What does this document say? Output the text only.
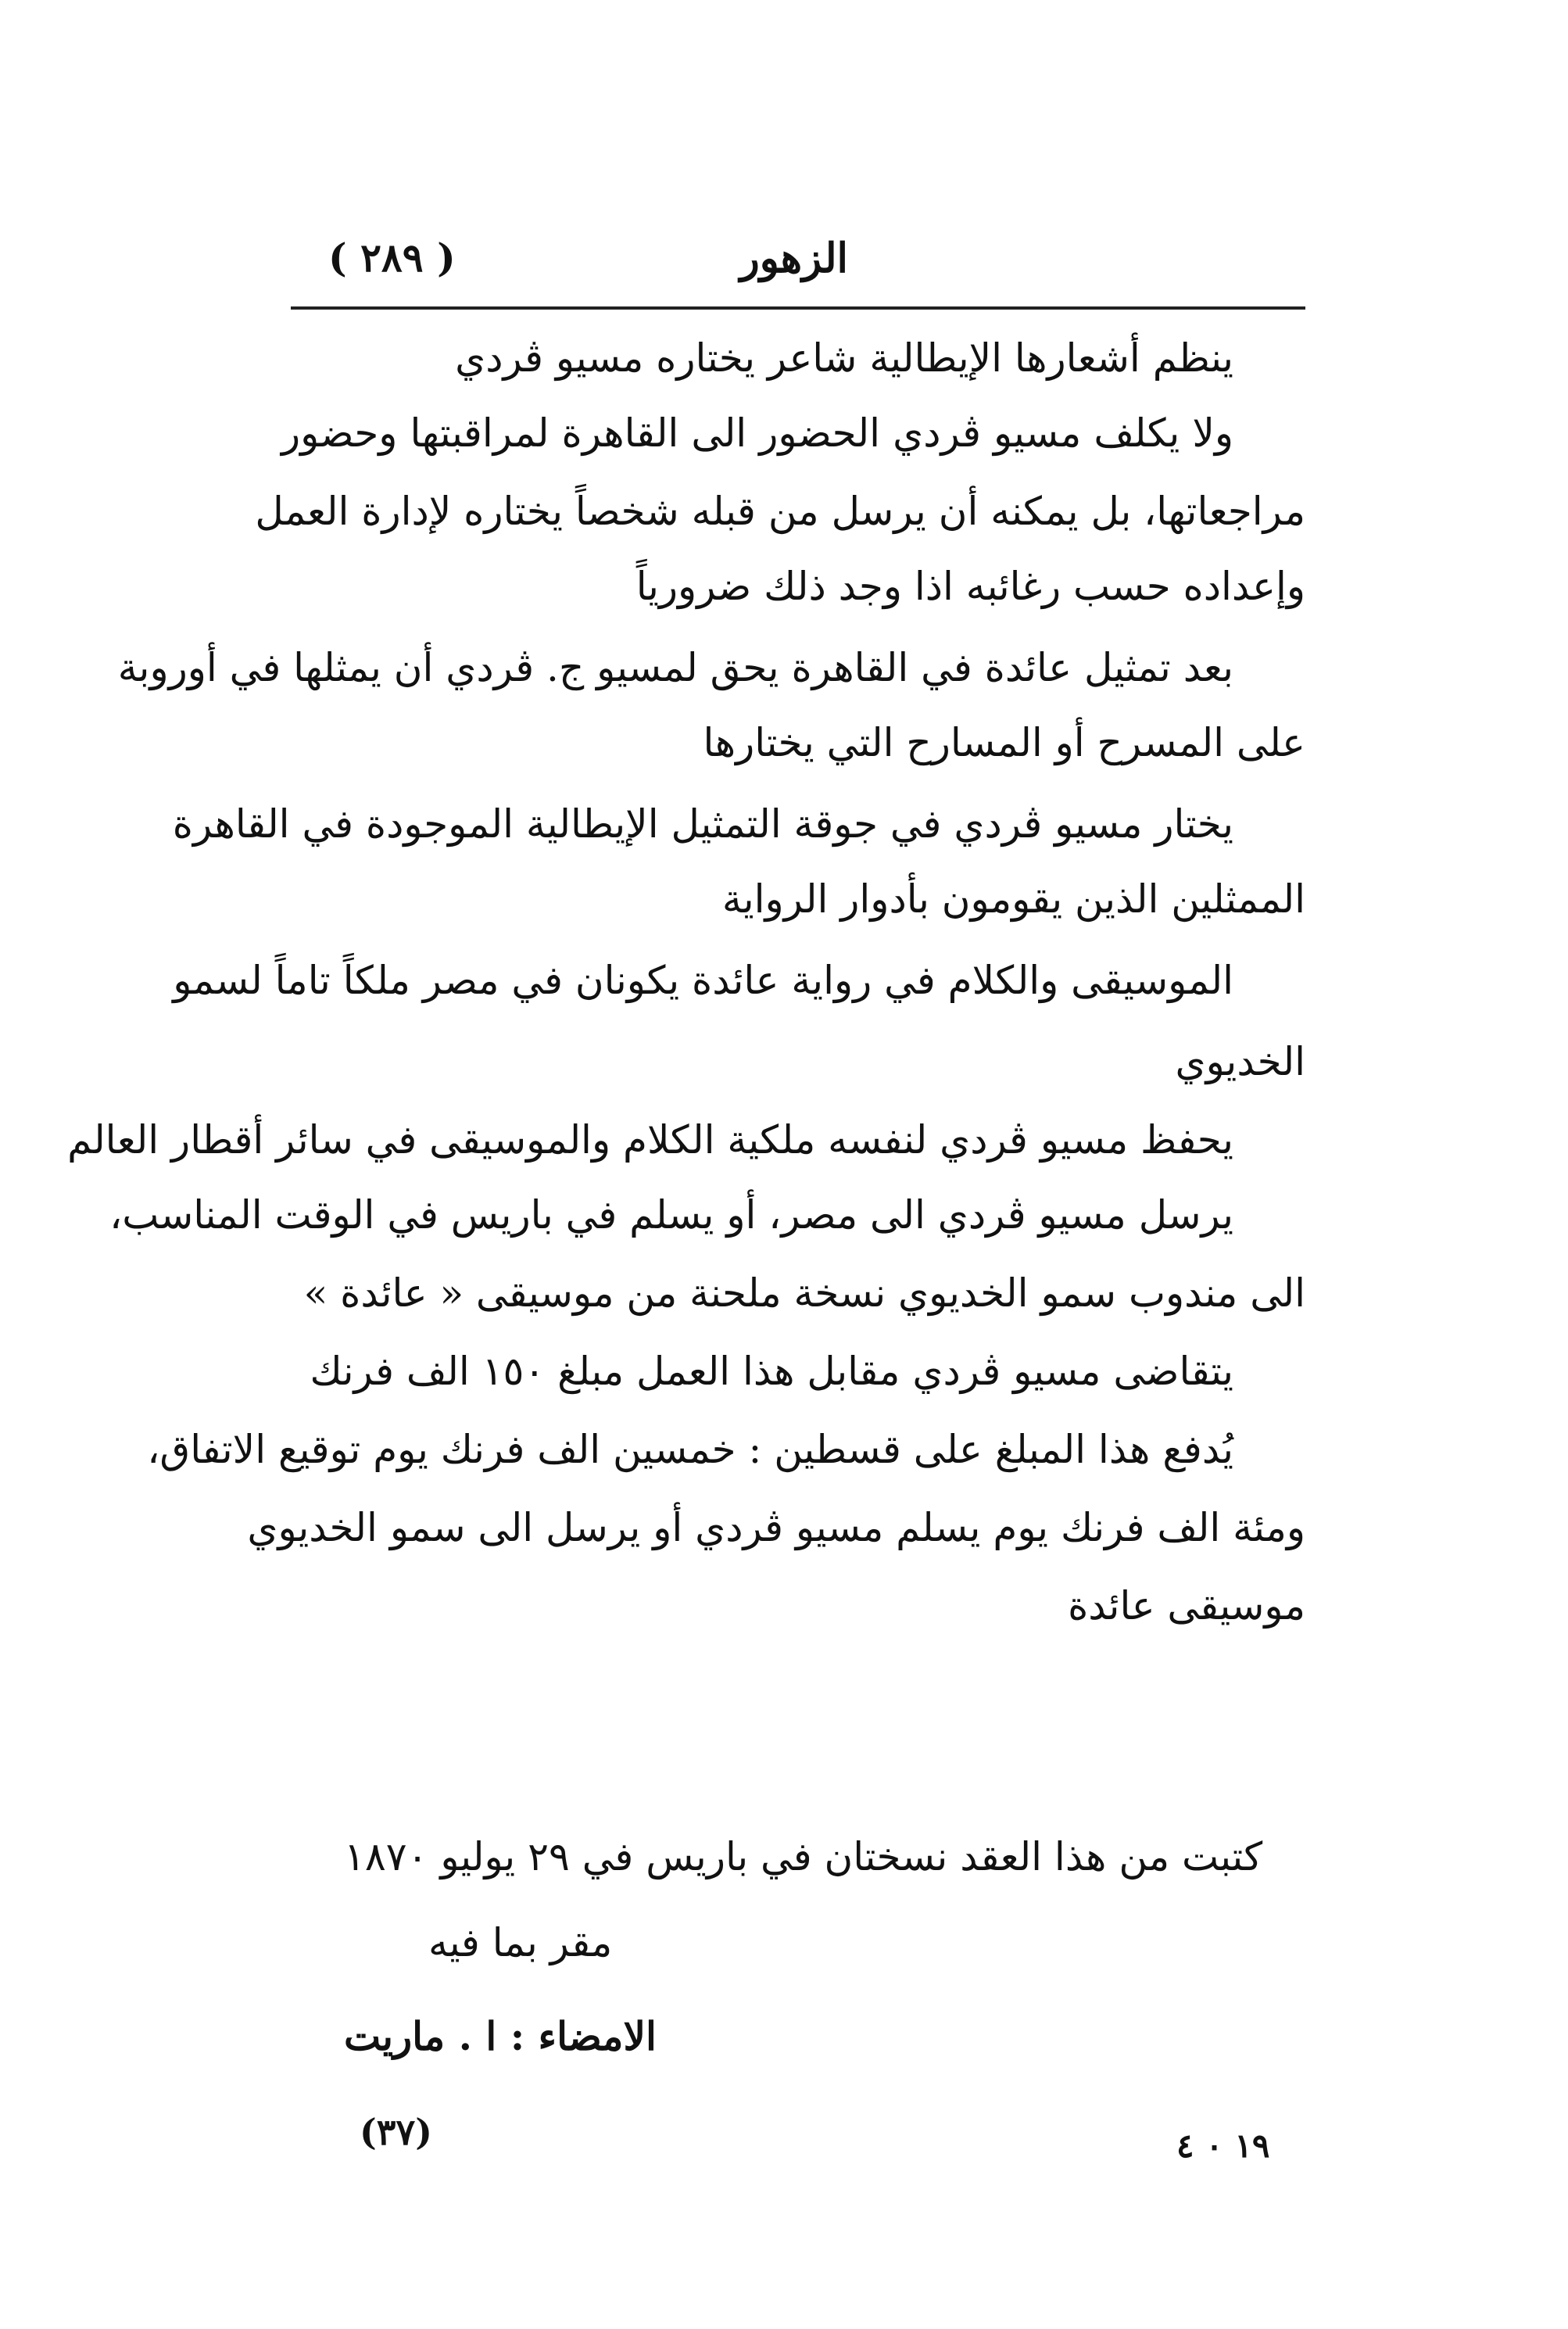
الزهور
( ٢٨٩ )
ينظم أشعارها الإيطالية شاعر يختاره مسيو ڤردي
ولا يكلف مسيو ڤردي الحضور الى القاهرة لمراقبتها وحضور
مراجعاتها، بل يمكنه أن يرسل من قبله شخصاً يختاره لإدارة العمل
وإعداده حسب رغائبه اذا وجد ذلك ضرورياً
بعد تمثيل عائدة في القاهرة يحق لمسيو ج. ڤردي أن يمثلها في أوروبة
على المسرح أو المسارح التي يختارها
يختار مسيو ڤردي في جوقة التمثيل الإيطالية الموجودة في القاهرة
الممثلين الذين يقومون بأدوار الرواية
الموسيقى والكلام في رواية عائدة يكونان في مصر ملكاً تاماً لسمو
الخديوي
يحفظ مسيو ڤردي لنفسه ملكية الكلام والموسيقى في سائر أقطار العالم
يرسل مسيو ڤردي الى مصر، أو يسلم في باريس في الوقت المناسب،
الى مندوب سمو الخديوي نسخة ملحنة من موسيقى « عائدة »
يتقاضى مسيو ڤردي مقابل هذا العمل مبلغ ١٥٠ الف فرنك
يُدفع هذا المبلغ على قسطين : خمسين الف فرنك يوم توقيع الاتفاق،
ومئة الف فرنك يوم يسلم مسيو ڤردي أو يرسل الى سمو الخديوي
موسيقى عائدة
كتبت من هذا العقد نسختان في باريس في ٢٩ يوليو ١٨٧٠
مقر بما فيه
الامضاء : ا . ماريت
(٣٧)	١٩ ٠ ٤
